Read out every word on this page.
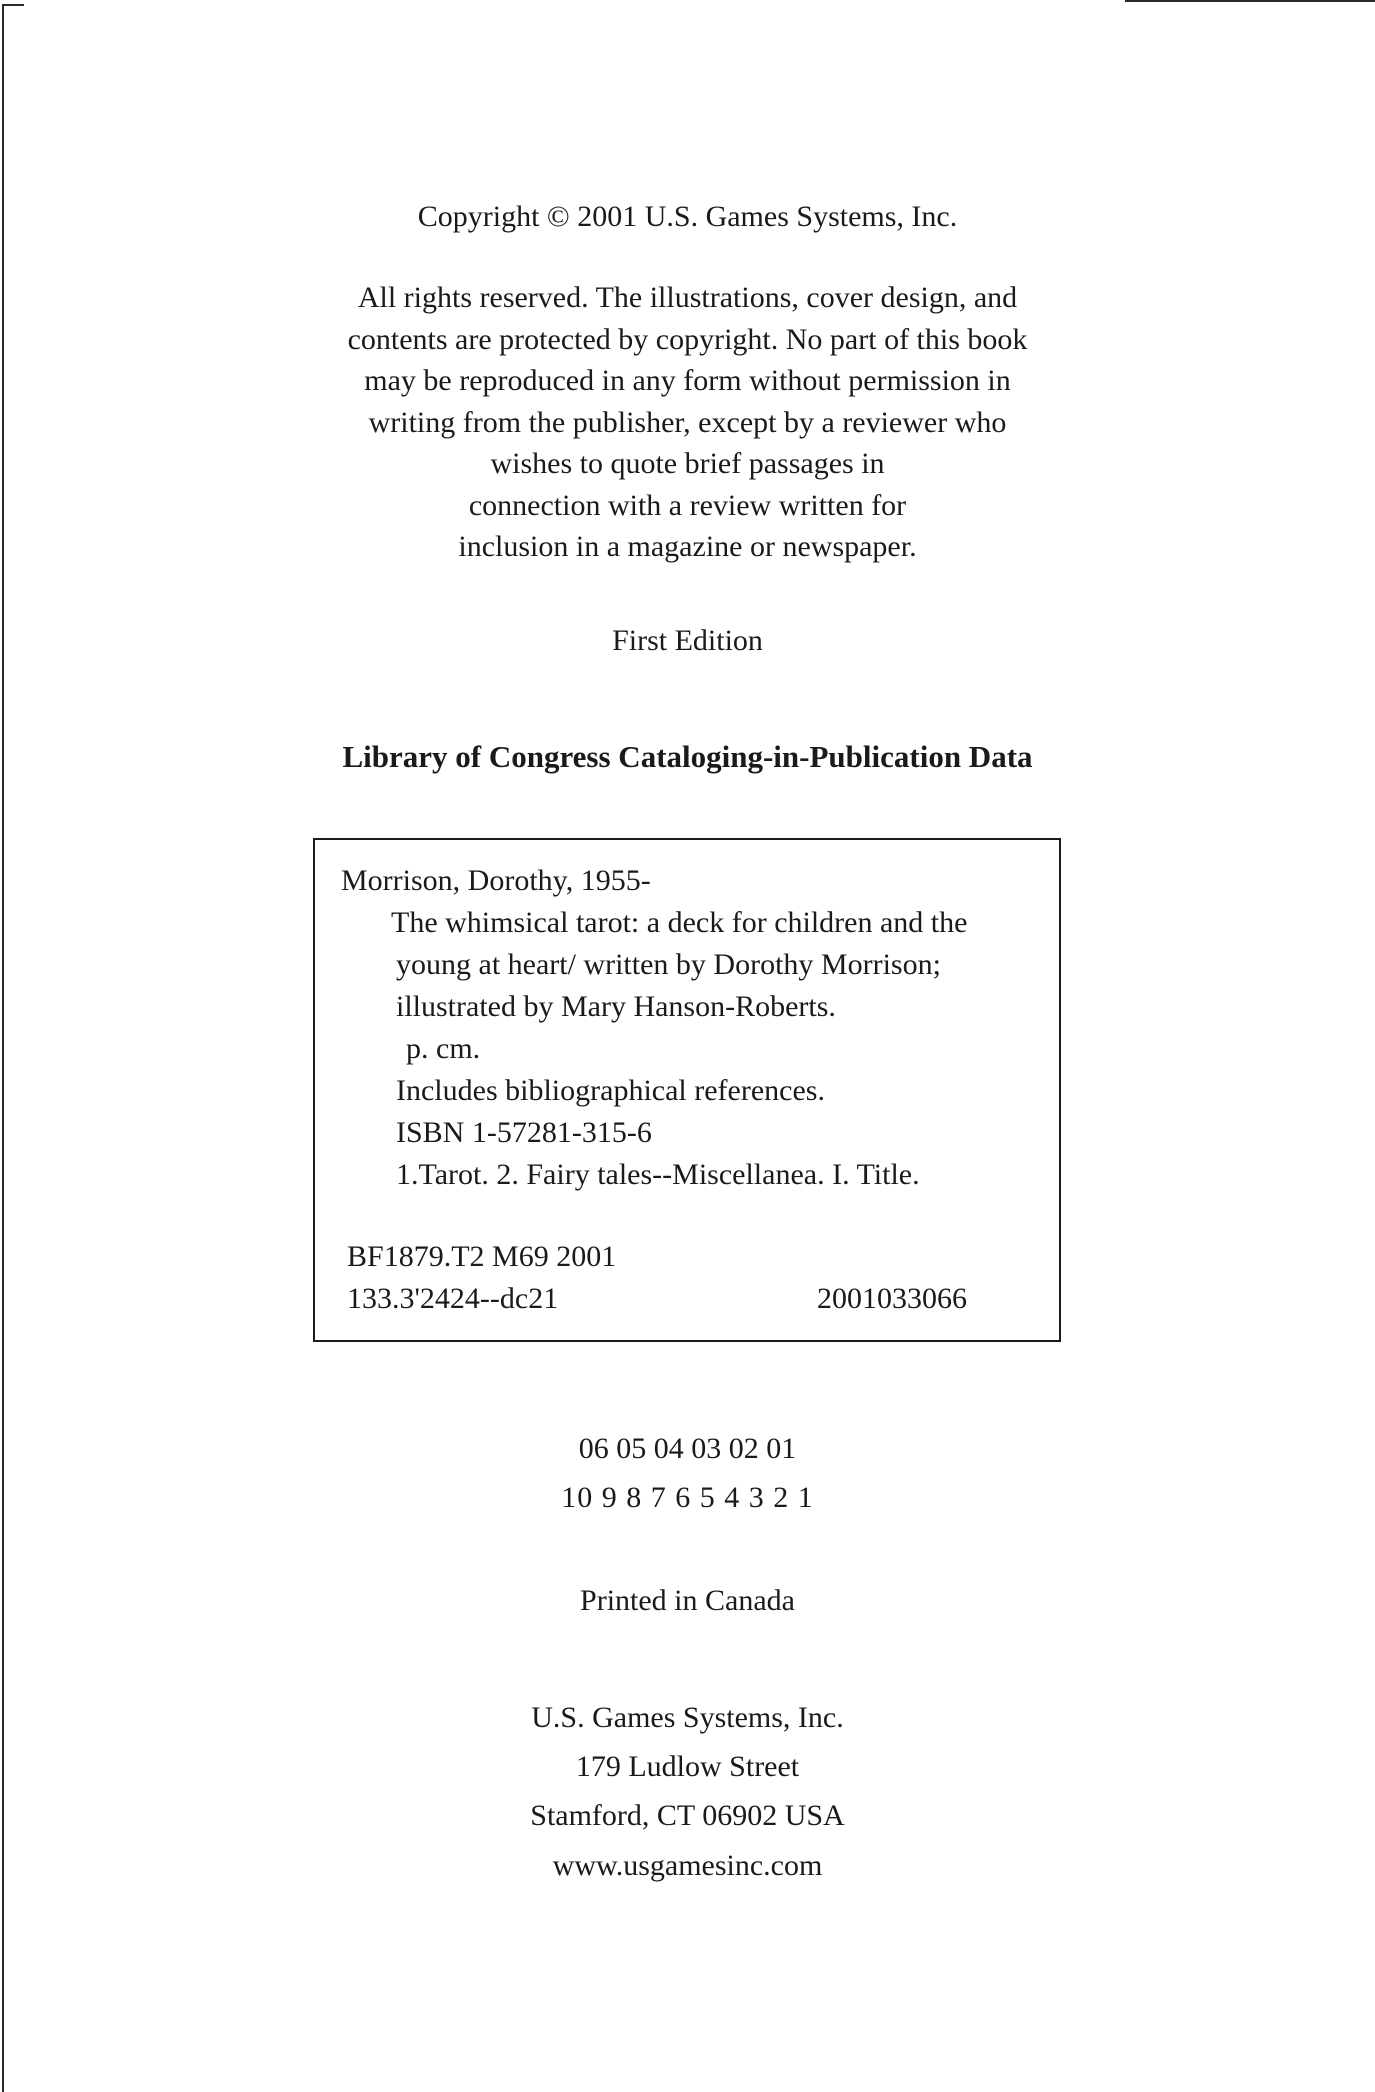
Copyright © 2001 U.S. Games Systems, Inc.
All rights reserved. The illustrations, cover design, and
contents are protected by copyright. No part of this book
may be reproduced in any form without permission in
writing from the publisher, except by a reviewer who
wishes to quote brief passages in
connection with a review written for
inclusion in a magazine or newspaper.
First Edition
Library of Congress Cataloging-in-Publication Data
Morrison, Dorothy, 1955-
The whimsical tarot: a deck for children and the
young at heart/ written by Dorothy Morrison;
illustrated by Mary Hanson-Roberts.
p. cm.
Includes bibliographical references.
ISBN 1-57281-315-6
1.Tarot. 2. Fairy tales--Miscellanea. I. Title.
BF1879.T2 M69 2001
133.3'2424--dc21	2001033066
06 05 04 03 02 01
10 9 8 7 6 5 4 3 2 1
Printed in Canada
U.S. Games Systems, Inc.
179 Ludlow Street
Stamford, CT 06902 USA
www.usgamesinc.com
